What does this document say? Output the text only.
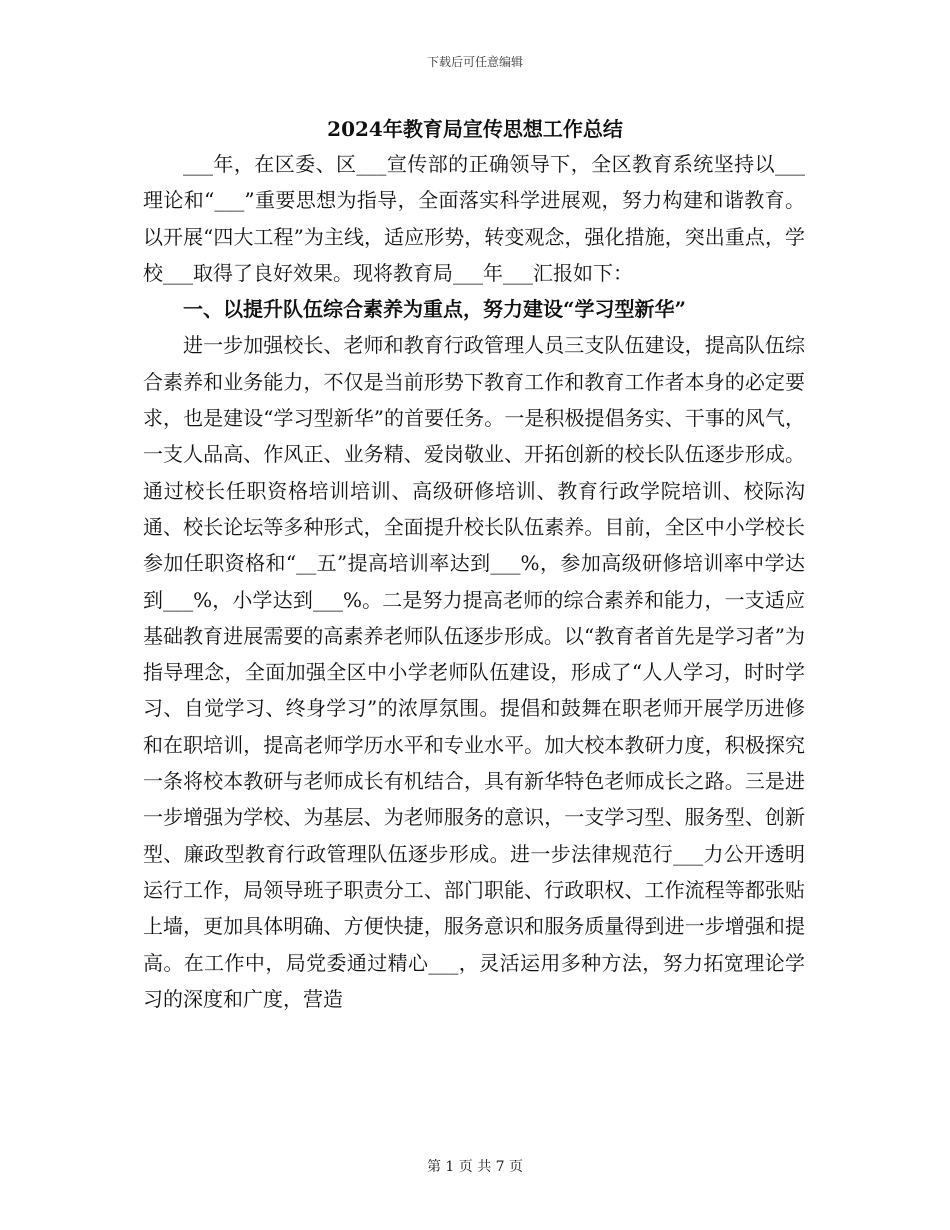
下载后可任意编辑

2024年教育局宣传思想工作总结

___年，在区委、区___宣传部的正确领导下，全区教育系统坚持以___理论和“___”重要思想为指导，全面落实科学进展观，努力构建和谐教育。以开展“四大工程”为主线，适应形势，转变观念，强化措施，突出重点，学校___取得了良好效果。现将教育局___年___汇报如下：

一、以提升队伍综合素养为重点，努力建设“学习型新华”

进一步加强校长、老师和教育行政管理人员三支队伍建设，提高队伍综合素养和业务能力，不仅是当前形势下教育工作和教育工作者本身的必定要求，也是建设“学习型新华”的首要任务。一是积极提倡务实、干事的风气，一支人品高、作风正、业务精、爱岗敬业、开拓创新的校长队伍逐步形成。通过校长任职资格培训培训、高级研修培训、教育行政学院培训、校际沟通、校长论坛等多种形式，全面提升校长队伍素养。目前，全区中小学校长参加任职资格和“__五”提高培训率达到___%，参加高级研修培训率中学达到___%，小学达到___%。二是努力提高老师的综合素养和能力，一支适应基础教育进展需要的高素养老师队伍逐步形成。以“教育者首先是学习者”为指导理念，全面加强全区中小学老师队伍建设，形成了“人人学习，时时学习、自觉学习、终身学习”的浓厚氛围。提倡和鼓舞在职老师开展学历进修和在职培训，提高老师学历水平和专业水平。加大校本教研力度，积极探究一条将校本教研与老师成长有机结合，具有新华特色老师成长之路。三是进一步增强为学校、为基层、为老师服务的意识，一支学习型、服务型、创新型、廉政型教育行政管理队伍逐步形成。进一步法律规范行___力公开透明运行工作，局领导班子职责分工、部门职能、行政职权、工作流程等都张贴上墙，更加具体明确、方便快捷，服务意识和服务质量得到进一步增强和提高。在工作中，局党委通过精心___，灵活运用多种方法，努力拓宽理论学习的深度和广度，营造

第 1 页 共 7 页
